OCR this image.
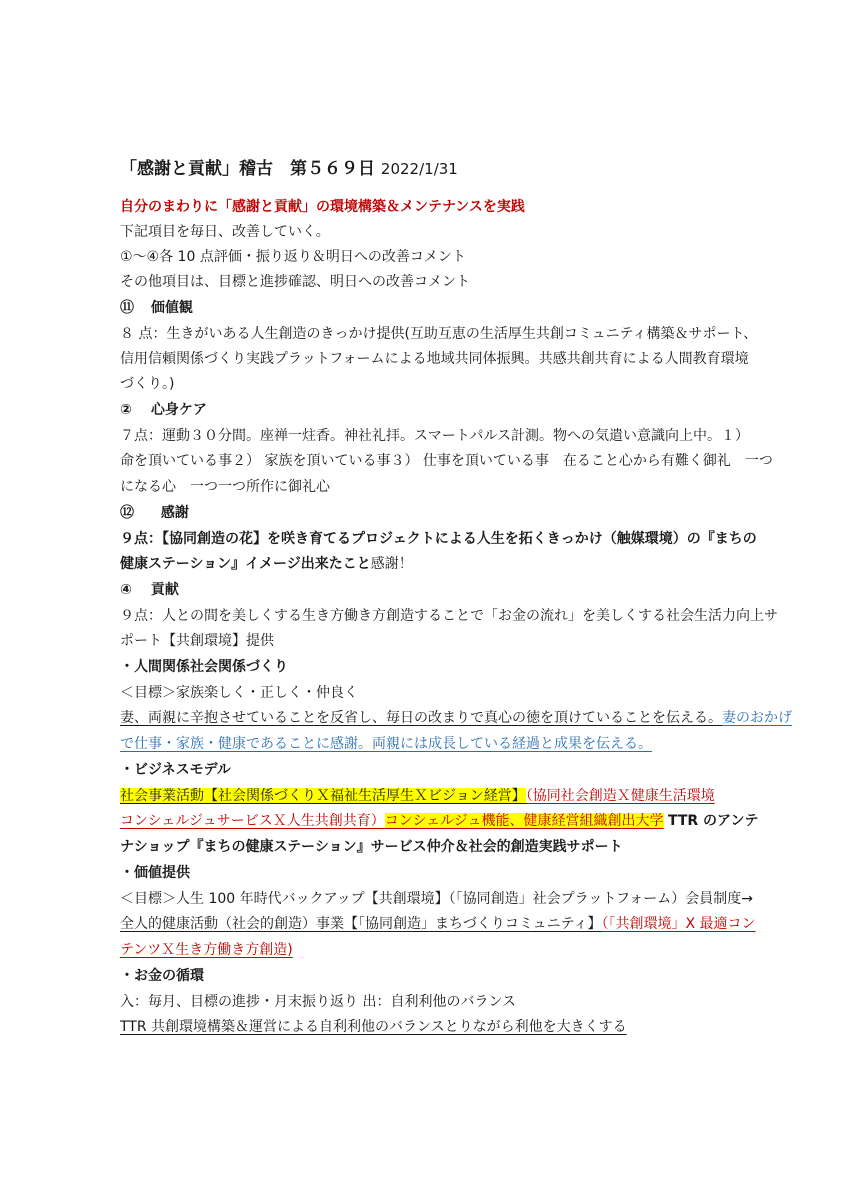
「感謝と貢献」稽古　第５６９日 2022/1/31
自分のまわりに「感謝と貢献」の環境構築＆メンテナンスを実践
下記項目を毎日、改善していく。
①～④各 10 点評価・振り返り＆明日への改善コメント
その他項目は、目標と進捗確認、明日への改善コメント
⑪ 価値観
８ 点：生きがいある人生創造のきっかけ提供(互助互恵の生活厚生共創コミュニティ構築＆サポート、
信用信頼関係づくり実践プラットフォームによる地域共同体振興。共感共創共育による人間教育環境
づくり。)
② 心身ケア
７点：運動３０分間。座禅一炷香。神社礼拝。スマートパルス計測。物への気遣い意識向上中。１）
命を頂いている事２） 家族を頂いている事３） 仕事を頂いている事　在ること心から有難く御礼　一つ
になる心　一つ一つ所作に御礼心
⑫ 感謝
９点：【協同創造の花】を咲き育てるプロジェクトによる人生を拓くきっかけ（触媒環境）の『まちの
健康ステーション』イメージ出来たこと感謝！
④ 貢献
９点：人との間を美しくする生き方働き方創造することで「お金の流れ」を美しくする社会生活力向上サ
ポート【共創環境】提供
・人間関係社会関係づくり
＜目標＞家族楽しく・正しく・仲良く
妻、両親に辛抱させていることを反省し、毎日の改まりで真心の徳を頂けていることを伝える。妻のおかげ
で仕事・家族・健康であることに感謝。両親には成長している経過と成果を伝える。
・ビジネスモデル
社会事業活動【社会関係づくりＸ福祉生活厚生Ｘビジョン経営】（協同社会創造Ｘ健康生活環境
コンシェルジュサービスＸ人生共創共育）コンシェルジュ機能、健康経営組織創出大学 TTR のアンテ
ナショップ『まちの健康ステーション』サービス仲介＆社会的創造実践サポート
・価値提供
＜目標＞人生 100 年時代バックアップ【共創環境】（「協同創造」社会プラットフォーム）会員制度→
全人的健康活動（社会的創造）事業【「協同創造」まちづくりコミュニティ】（「共創環境」X 最適コン
テンツＸ生き方働き方創造)
・お金の循環
入：毎月、目標の進捗・月末振り返り 出：自利利他のバランス
TTR 共創環境構築＆運営による自利利他のバランスとりながら利他を大きくする
